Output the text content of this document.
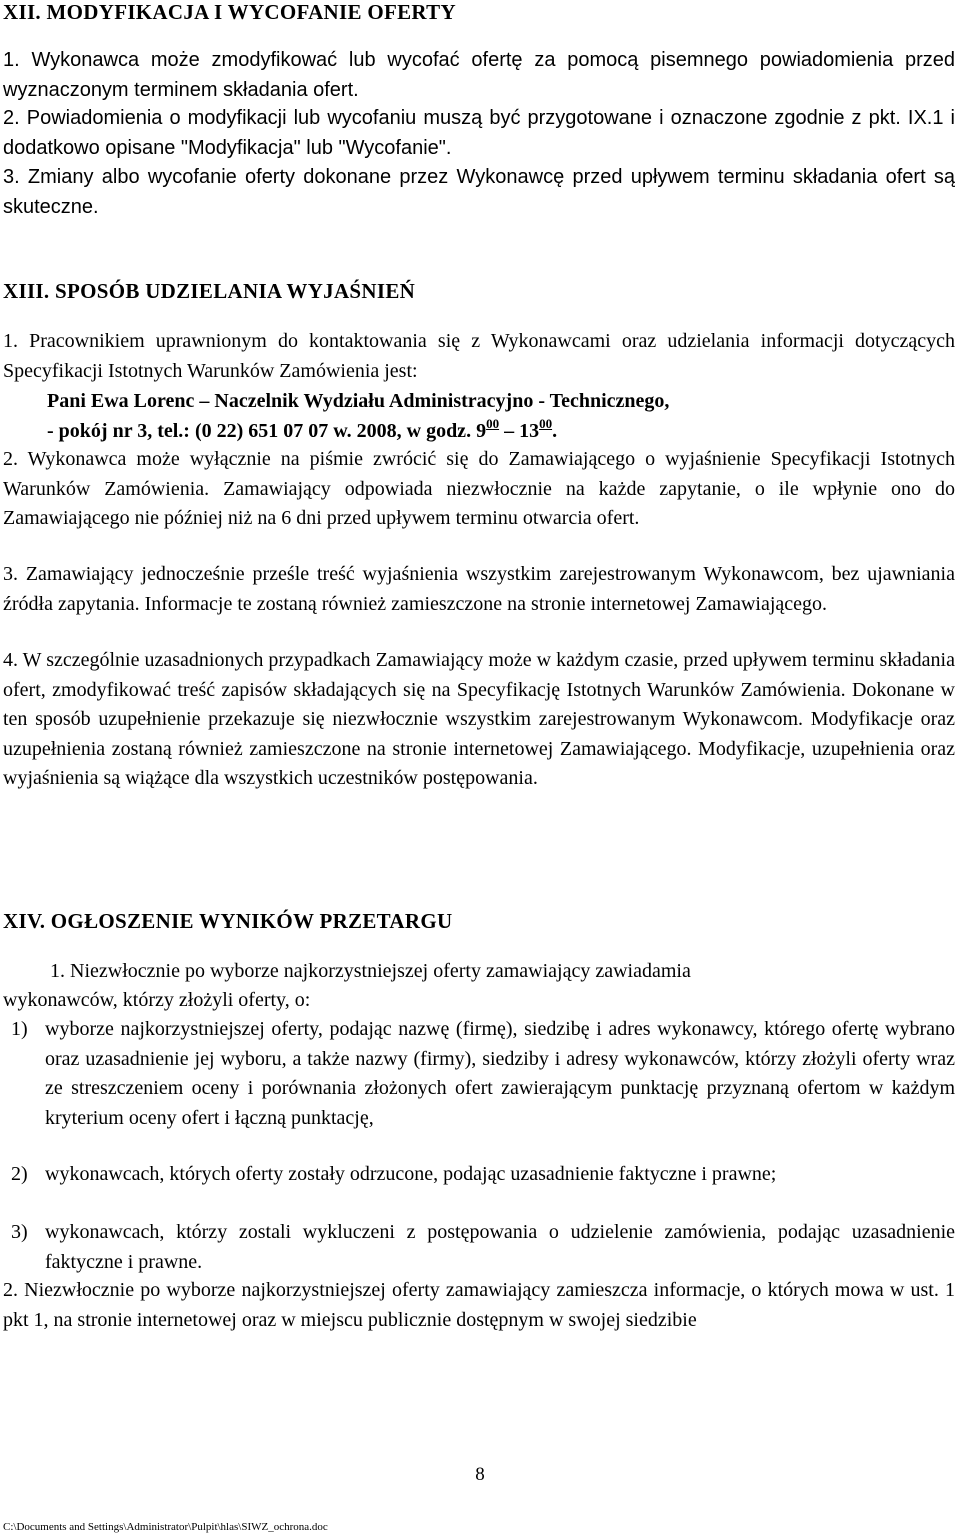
XII. MODYFIKACJA I WYCOFANIE OFERTY

1. Wykonawca może zmodyfikować lub wycofać ofertę za pomocą pisemnego powiadomienia przed wyznaczonym terminem składania ofert.

2. Powiadomienia o modyfikacji lub wycofaniu muszą być przygotowane i oznaczone zgodnie z pkt. IX.1 i dodatkowo opisane "Modyfikacja" lub "Wycofanie".

3. Zmiany albo wycofanie oferty dokonane przez Wykonawcę przed upływem terminu składania ofert są skuteczne.

XIII. SPOSÓB UDZIELANIA WYJAŚNIEŃ

1. Pracownikiem uprawnionym do kontaktowania się z Wykonawcami oraz udzielania informacji dotyczących Specyfikacji Istotnych Warunków Zamówienia jest:

Pani Ewa Lorenc – Naczelnik Wydziału Administracyjno - Technicznego,
- pokój nr 3, tel.: (0 22) 651 07 07 w. 2008, w godz. $9^{00} - 13^{00}$.

2. Wykonawca może wyłącznie na piśmie zwrócić się do Zamawiającego o wyjaśnienie Specyfikacji Istotnych Warunków Zamówienia. Zamawiający odpowiada niezwłocznie na każde zapytanie, o ile wpłynie ono do Zamawiającego nie później niż na 6 dni przed upływem terminu otwarcia ofert.

3. Zamawiający jednocześnie prześle treść wyjaśnienia wszystkim zarejestrowanym Wykonawcom, bez ujawniania źródła zapytania. Informacje te zostaną również zamieszczone na stronie internetowej Zamawiającego.

4. W szczególnie uzasadnionych przypadkach Zamawiający może w każdym czasie, przed upływem terminu składania ofert, zmodyfikować treść zapisów składających się na Specyfikację Istotnych Warunków Zamówienia. Dokonane w ten sposób uzupełnienie przekazuje się niezwłocznie wszystkim zarejestrowanym Wykonawcom. Modyfikacje oraz uzupełnienia zostaną również zamieszczone na stronie internetowej Zamawiającego. Modyfikacje, uzupełnienia oraz wyjaśnienia są wiążące dla wszystkich uczestników postępowania.

XIV. OGŁOSZENIE WYNIKÓW PRZETARGU
1. Niezwłocznie po wyborze najkorzystniejszej oferty zamawiający zawiadamia
wykonawców, którzy złożyli oferty, o:
1) wyborze najkorzystniejszej oferty, podając nazwę (firmę), siedzibę i adres wykonawcy, którego ofertę wybrano oraz uzasadnienie jej wyboru, a także nazwy (firmy), siedziby i adresy wykonawców, którzy złożyli oferty wraz ze streszczeniem oceny i porównania złożonych ofert zawierającym punktację przyznaną ofertom w każdym kryterium oceny ofert i łączną punktację,
2) wykonawcach, których oferty zostały odrzucone, podając uzasadnienie faktyczne i prawne;
3) wykonawcach, którzy zostali wykluczeni z postępowania o udzielenie zamówienia, podając uzasadnienie faktyczne i prawne.

2. Niezwłocznie po wyborze najkorzystniejszej oferty zamawiający zamieszcza informacje, o których mowa w ust. 1 pkt 1, na stronie internetowej oraz w miejscu publicznie dostępnym w swojej siedzibie

8
C:\Documents and Settings\Administrator\Pulpit\hlas\SIWZ_ochrona.doc
